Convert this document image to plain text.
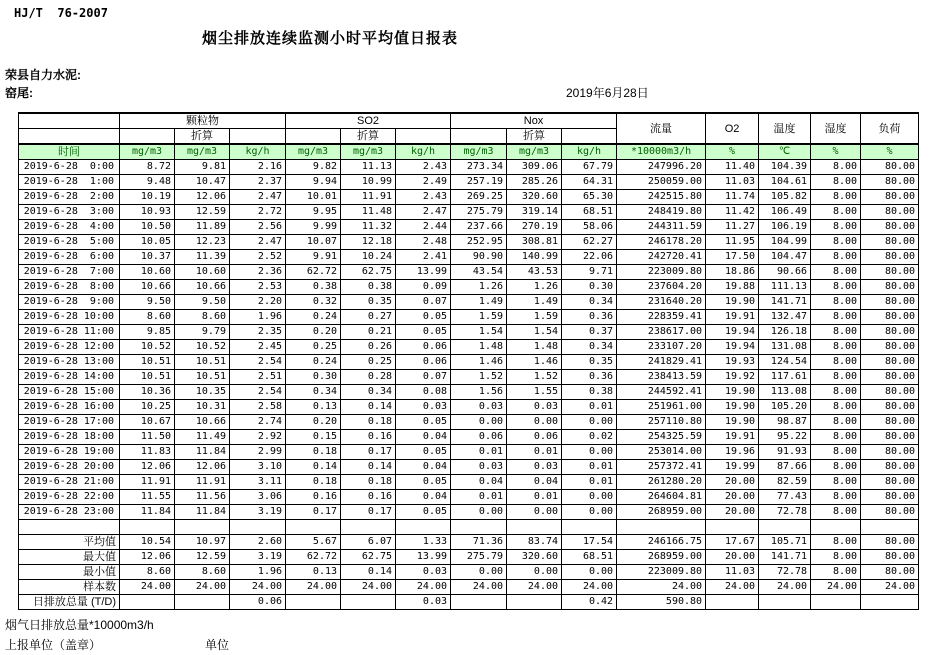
HJ/T  76-2007
烟尘排放连续监测小时平均值日报表
荣县自力水泥:
窑尾:	2019年6月28日
	颗粒物			SO2			Nox			流量	O2	温度	湿度	负荷
		折算			折算			折算						
时间	mg/m3	mg/m3	kg/h	mg/m3	mg/m3	kg/h	mg/m3	mg/m3	kg/h	*10000m3/h	%	℃	%	%
2019-6-28  0:00	8.72	9.81	2.16	9.82	11.13	2.43	273.34	309.06	67.79	247996.20	11.40	104.39	8.00	80.00
2019-6-28  1:00	9.48	10.47	2.37	9.94	10.99	2.49	257.19	285.26	64.31	250059.00	11.03	104.61	8.00	80.00
2019-6-28  2:00	10.19	12.06	2.47	10.01	11.91	2.43	269.25	320.60	65.30	242515.80	11.74	105.82	8.00	80.00
2019-6-28  3:00	10.93	12.59	2.72	9.95	11.48	2.47	275.79	319.14	68.51	248419.80	11.42	106.49	8.00	80.00
2019-6-28  4:00	10.50	11.89	2.56	9.99	11.32	2.44	237.66	270.19	58.06	244311.59	11.27	106.19	8.00	80.00
2019-6-28  5:00	10.05	12.23	2.47	10.07	12.18	2.48	252.95	308.81	62.27	246178.20	11.95	104.99	8.00	80.00
2019-6-28  6:00	10.37	11.39	2.52	9.91	10.24	2.41	90.90	140.99	22.06	242720.41	17.50	104.47	8.00	80.00
2019-6-28  7:00	10.60	10.60	2.36	62.72	62.75	13.99	43.54	43.53	9.71	223009.80	18.86	90.66	8.00	80.00
2019-6-28  8:00	10.66	10.66	2.53	0.38	0.38	0.09	1.26	1.26	0.30	237604.20	19.88	111.13	8.00	80.00
2019-6-28  9:00	9.50	9.50	2.20	0.32	0.35	0.07	1.49	1.49	0.34	231640.20	19.90	141.71	8.00	80.00
2019-6-28 10:00	8.60	8.60	1.96	0.24	0.27	0.05	1.59	1.59	0.36	228359.41	19.91	132.47	8.00	80.00
2019-6-28 11:00	9.85	9.79	2.35	0.20	0.21	0.05	1.54	1.54	0.37	238617.00	19.94	126.18	8.00	80.00
2019-6-28 12:00	10.52	10.52	2.45	0.25	0.26	0.06	1.48	1.48	0.34	233107.20	19.94	131.08	8.00	80.00
2019-6-28 13:00	10.51	10.51	2.54	0.24	0.25	0.06	1.46	1.46	0.35	241829.41	19.93	124.54	8.00	80.00
2019-6-28 14:00	10.51	10.51	2.51	0.30	0.28	0.07	1.52	1.52	0.36	238413.59	19.92	117.61	8.00	80.00
2019-6-28 15:00	10.36	10.35	2.54	0.34	0.34	0.08	1.56	1.55	0.38	244592.41	19.90	113.08	8.00	80.00
2019-6-28 16:00	10.25	10.31	2.58	0.13	0.14	0.03	0.03	0.03	0.01	251961.00	19.90	105.20	8.00	80.00
2019-6-28 17:00	10.67	10.66	2.74	0.20	0.18	0.05	0.00	0.00	0.00	257110.80	19.90	98.87	8.00	80.00
2019-6-28 18:00	11.50	11.49	2.92	0.15	0.16	0.04	0.06	0.06	0.02	254325.59	19.91	95.22	8.00	80.00
2019-6-28 19:00	11.83	11.84	2.99	0.18	0.17	0.05	0.01	0.01	0.00	253014.00	19.96	91.93	8.00	80.00
2019-6-28 20:00	12.06	12.06	3.10	0.14	0.14	0.04	0.03	0.03	0.01	257372.41	19.99	87.66	8.00	80.00
2019-6-28 21:00	11.91	11.91	3.11	0.18	0.18	0.05	0.04	0.04	0.01	261280.20	20.00	82.59	8.00	80.00
2019-6-28 22:00	11.55	11.56	3.06	0.16	0.16	0.04	0.01	0.01	0.00	264604.81	20.00	77.43	8.00	80.00
2019-6-28 23:00	11.84	11.84	3.19	0.17	0.17	0.05	0.00	0.00	0.00	268959.00	20.00	72.78	8.00	80.00

平均值	10.54	10.97	2.60	5.67	6.07	1.33	71.36	83.74	17.54	246166.75	17.67	105.71	8.00	80.00

最大值	12.06	12.59	3.19	62.72	62.75	13.99	275.79	320.60	68.51	268959.00	20.00	141.71	8.00	80.00

最小值	8.60	8.60	1.96	0.13	0.14	0.03	0.00	0.00	0.00	223009.80	11.03	72.78	8.00	80.00

样本数	24.00	24.00	24.00	24.00	24.00	24.00	24.00	24.00	24.00	24.00	24.00	24.00	24.00	24.00

日排放总量 (T/D)			0.06			0.03			0.42	590.80				
烟气日排放总量*10000m3/h
上报单位（盖章）	单位
